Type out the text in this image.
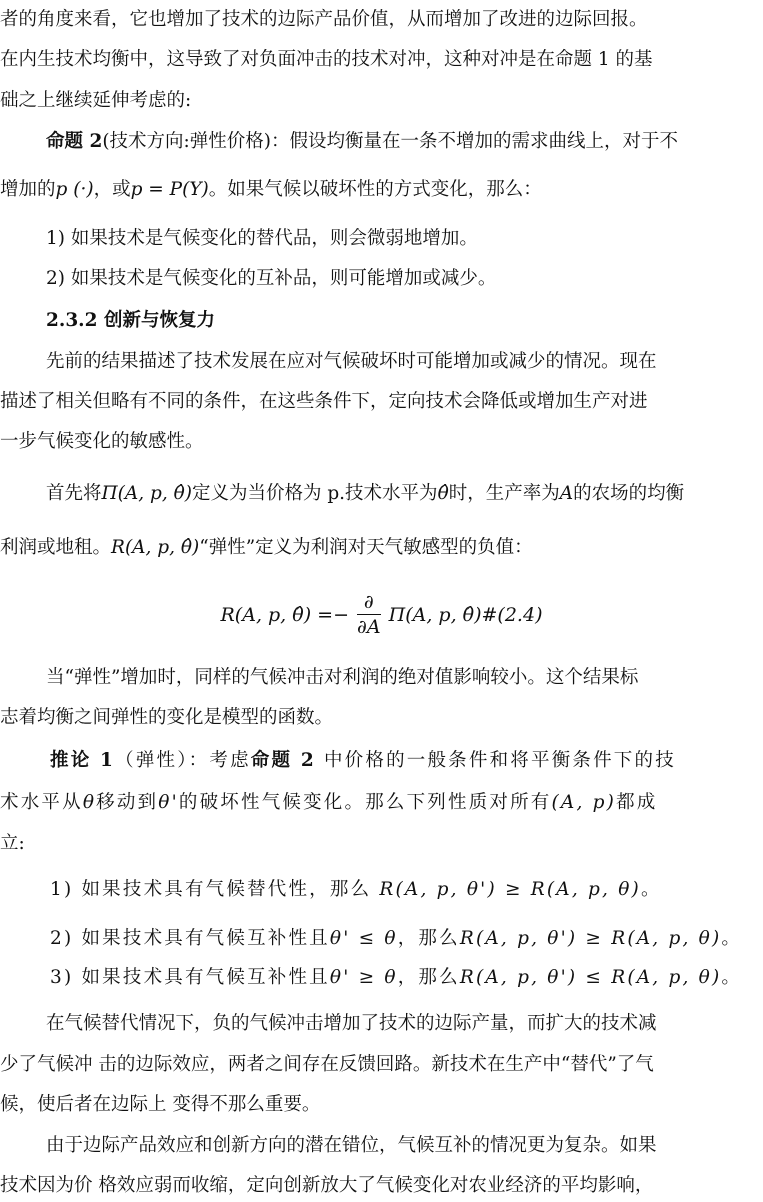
者的角度来看，它也增加了技术的边际产品价值，从而增加了改进的边际回报。
在内生技术均衡中，这导致了对负面冲击的技术对冲，这种对冲是在命题 1 的基
础之上继续延伸考虑的:
命题 2(技术方向:弹性价格)：假设均衡量在一条不增加的需求曲线上，对于不
增加的p (·)，或p = P(Y)。如果气候以破坏性的方式变化，那么：
1) 如果技术是气候变化的替代品，则会微弱地增加。
2) 如果技术是气候变化的互补品，则可能增加或减少。
2.3.2 创新与恢复力
先前的结果描述了技术发展在应对气候破坏时可能增加或减少的情况。现在
描述了相关但略有不同的条件，在这些条件下，定向技术会降低或增加生产对进
一步气候变化的敏感性。
首先将Π(A, p, θ̂)定义为当价格为 p.技术水平为θ̂时，生产率为A的农场的均衡
利润或地租。R(A, p, θ̂)“弹性”定义为利润对天气敏感型的负值：
R(A, p, θ̂) =−
∂
∂A
Π(A, p, θ̂)#(2.4)
当“弹性”增加时，同样的气候冲击对利润的绝对值影响较小。这个结果标
志着均衡之间弹性的变化是模型的函数。
推论 1（弹性）：考虑命题 2 中价格的一般条件和将平衡条件下的技
术水平从θ移动到θ'的破坏性气候变化。那么下列性质对所有(A, p)都成
立:
1) 如果技术具有气候替代性，那么 R(A, p, θ') ≥ R(A, p, θ)。
2) 如果技术具有气候互补性且θ' ≤ θ，那么R(A, p, θ') ≥ R(A, p, θ)。
3) 如果技术具有气候互补性且θ' ≥ θ，那么R(A, p, θ') ≤ R(A, p, θ)。
在气候替代情况下，负的气候冲击增加了技术的边际产量，而扩大的技术减
少了气候冲 击的边际效应，两者之间存在反馈回路。新技术在生产中“替代”了气
候，使后者在边际上 变得不那么重要。
由于边际产品效应和创新方向的潜在错位，气候互补的情况更为复杂。如果
技术因为价 格效应弱而收缩，定向创新放大了气候变化对农业经济的平均影响，
